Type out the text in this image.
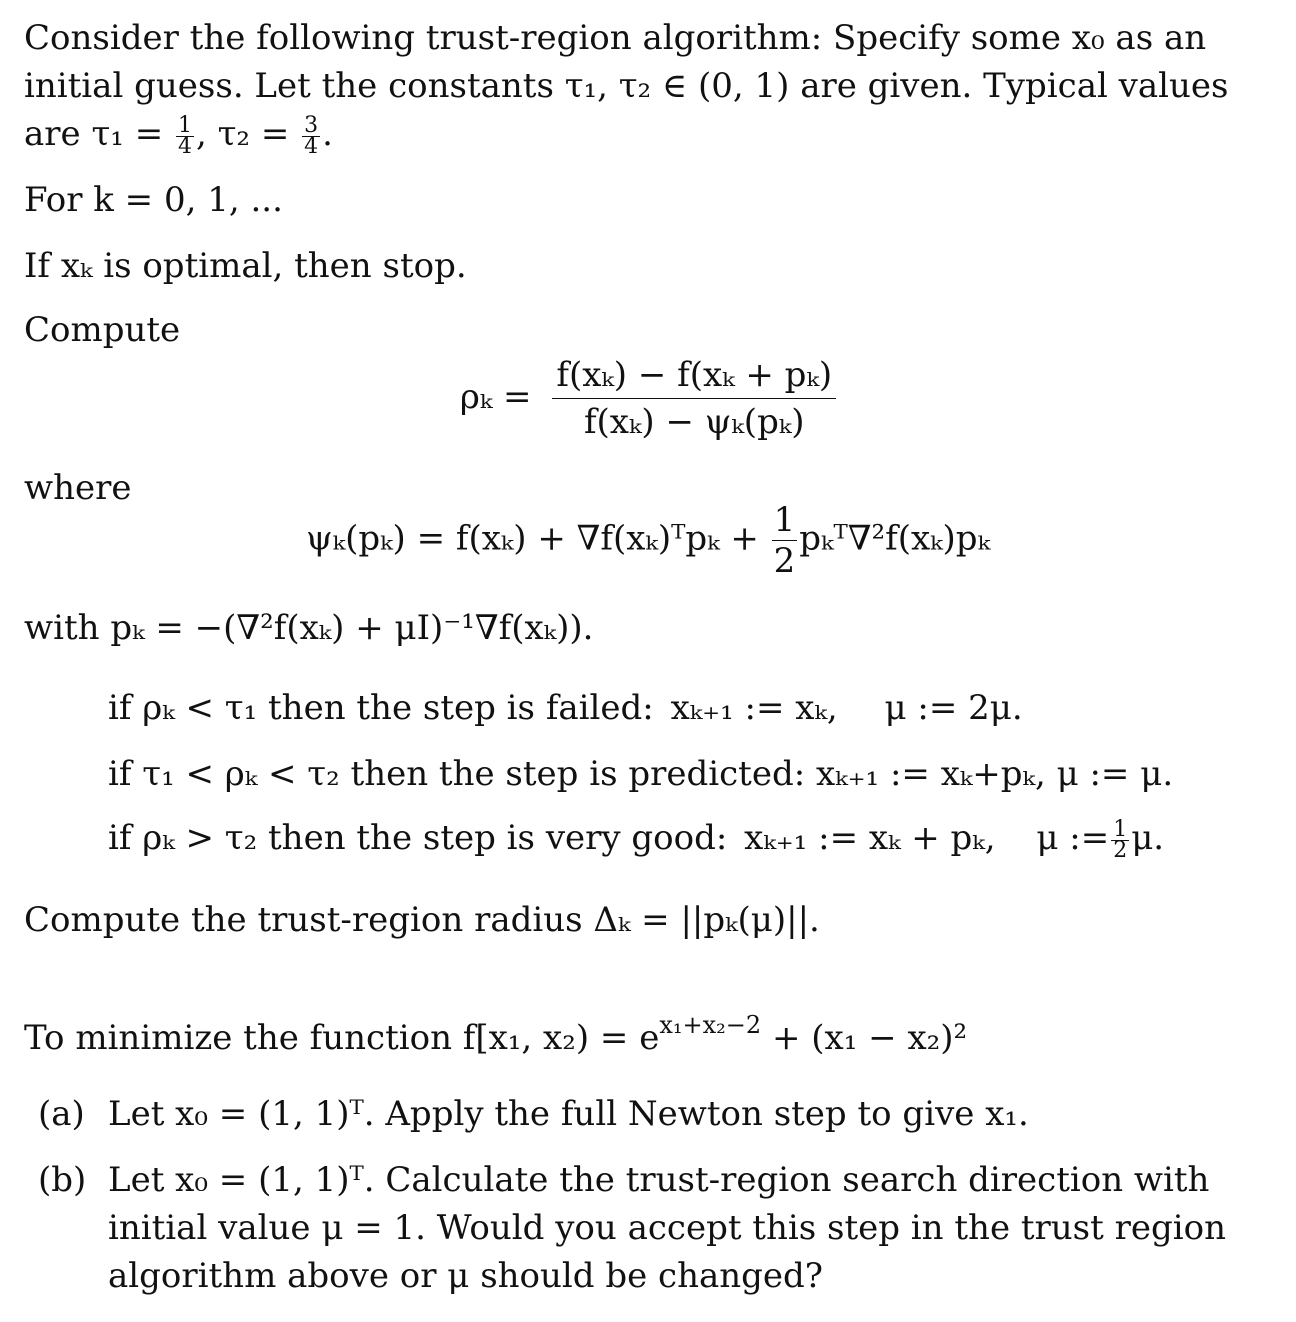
Consider the following trust-region algorithm: Specify some x₀ as an
initial guess. Let the constants τ₁, τ₂ ∈ (0, 1) are given. Typical values
are $\tau_1 = \frac{1}{4}$ , $\tau_2 = \frac{3}{4}$ .
For k = 0, 1, ...
If xₖ is optimal, then stop.
Compute
$\rho_k = \frac{\text{f(xₖ) − f(xₖ + pₖ)}}{\text{f(xₖ) − ψₖ(pₖ)}}$
where
ψₖ(pₖ) = f(xₖ) + ∇f(xₖ)ᵀpₖ + $\frac{1}{2}$ pₖᵀ∇²f(xₖ)pₖ
with pₖ = −(∇²f(xₖ) + μI)⁻¹∇f(xₖ)).
if ρₖ < τ₁ then the step is failed: xₖ₊₁ := xₖ, μ := 2μ.
if τ₁ < ρₖ < τ₂ then the step is predicted: xₖ₊₁ := xₖ+pₖ, μ := μ.
if ρₖ > τ₂ then the step is very good: xₖ₊₁ := xₖ + pₖ, μ := $\frac{1}{2} \mu$.
Compute the trust-region radius Δₖ = ||pₖ(μ)||.
To minimize the function f[x₁, $x_2) = e^{x_1+x_2-2} + (x_1 - x_2)^2$
(a) Let x₀ = (1, 1)ᵀ. Apply the full Newton step to give x₁.
(b) Let x₀ = (1, 1)ᵀ. Calculate the trust-region search direction with
initial value μ = 1. Would you accept this step in the trust region
algorithm above or μ should be changed?
